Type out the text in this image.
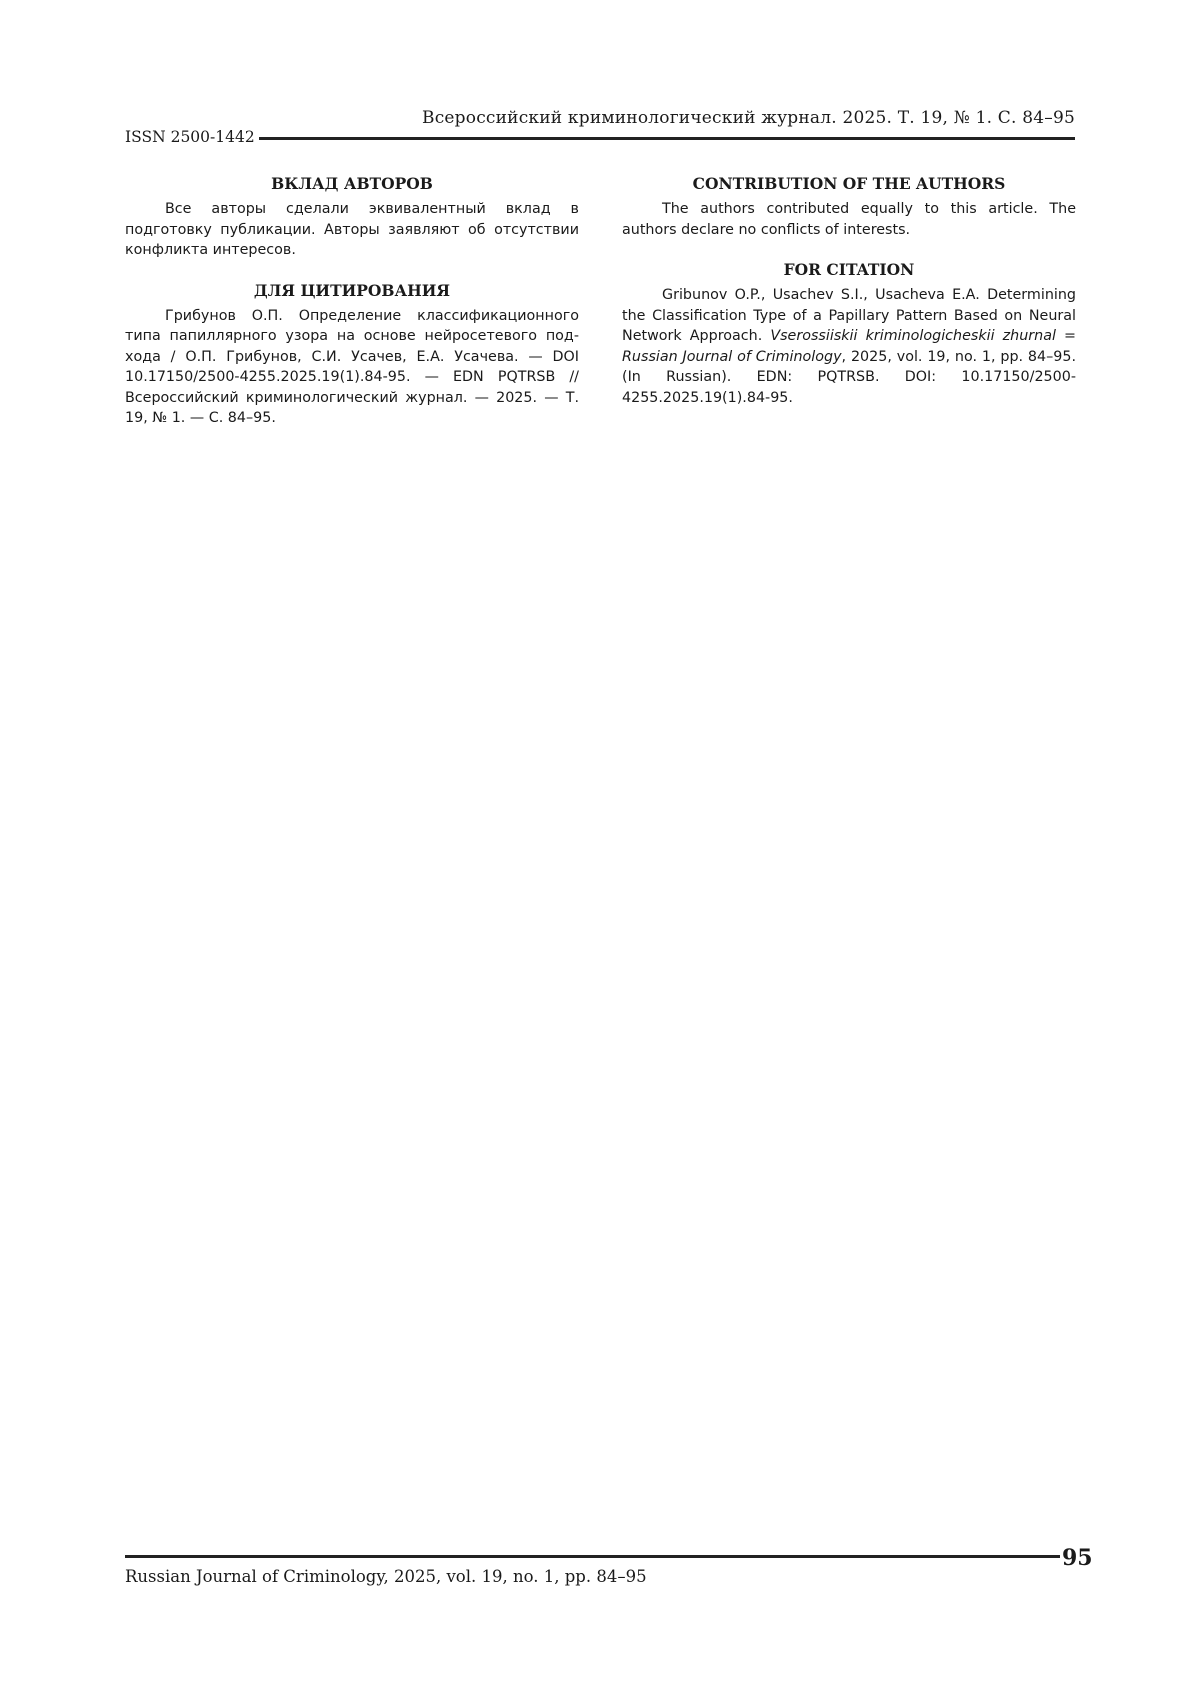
Всероссийский криминологический журнал. 2025. Т. 19, № 1. С. 84–95
ISSN 2500-1442
ВКЛАД АВТОРОВ

Все авторы сделали эквивалентный вклад в подготовку публикации. Авторы заявляют об отсутствии конфликта интересов.

ДЛЯ ЦИТИРОВАНИЯ

Грибунов О.П. Определение классификационного типа папиллярного узора на основе нейросетевого подхода / О.П. Грибунов, С.И. Усачев, Е.А. Усачева. — DOI 10.17150/2500-4255.2025.19(1).84-95. — EDN PQTRSB // Всероссийский криминологический журнал. — 2025. — Т. 19, № 1. — С. 84–95.

CONTRIBUTION OF THE AUTHORS

The authors contributed equally to this article. The authors declare no conflicts of interests.

FOR CITATION

Gribunov O.P., Usachev S.I., Usacheva E.A. Determining the Classification Type of a Papillary Pattern Based on Neural Network Approach. Vserossiiskii kriminologicheskii zhurnal = Russian Journal of Criminology, 2025, vol. 19, no. 1, pp. 84–95. (In Russian). EDN: PQTRSB. DOI: 10.17150/2500-4255.2025.19(1).84-95.

95
Russian Journal of Criminology, 2025, vol. 19, no. 1, pp. 84–95
